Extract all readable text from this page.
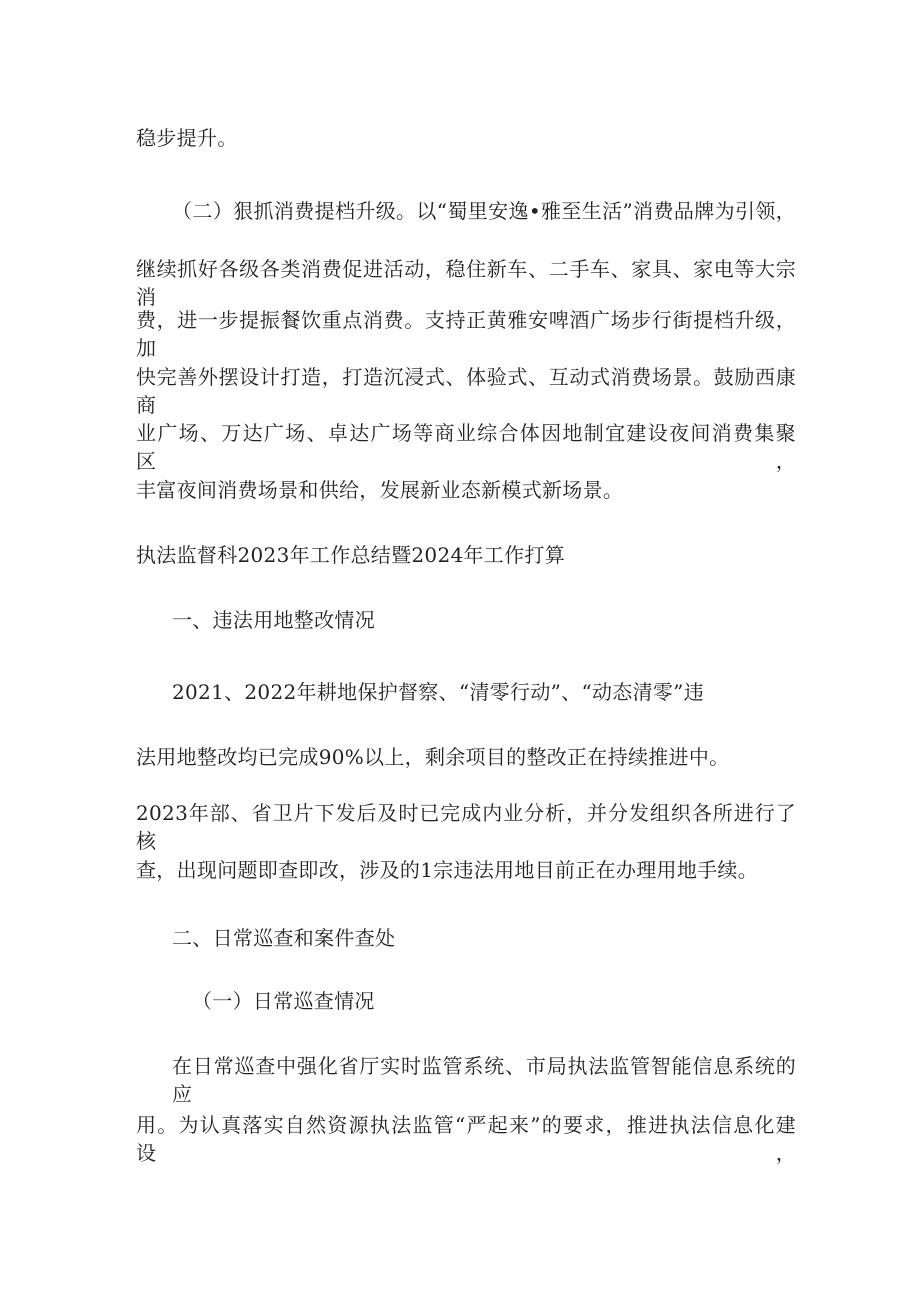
稳步提升。
（二）狠抓消费提档升级。以“蜀里安逸•雅至生活”消费品牌为引领，
继续抓好各级各类消费促进活动，稳住新车、二手车、家具、家电等大宗消
费，进一步提振餐饮重点消费。支持正黄雅安啤酒广场步行街提档升级，加
快完善外摆设计打造，打造沉浸式、体验式、互动式消费场景。鼓励西康商
业广场、万达广场、卓达广场等商业综合体因地制宜建设夜间消费集聚区，
丰富夜间消费场景和供给，发展新业态新模式新场景。
执法监督科2023年工作总结暨2024年工作打算
一、违法用地整改情况
2021、2022年耕地保护督察、“清零行动”、“动态清零”违
法用地整改均已完成90%以上，剩余项目的整改正在持续推进中。
2023年部、省卫片下发后及时已完成内业分析，并分发组织各所进行了核
查，出现问题即查即改，涉及的1宗违法用地目前正在办理用地手续。
二、日常巡查和案件查处
（一）日常巡查情况
在日常巡查中强化省厅实时监管系统、市局执法监管智能信息系统的应
用。为认真落实自然资源执法监管“严起来”的要求，推进执法信息化建设，
